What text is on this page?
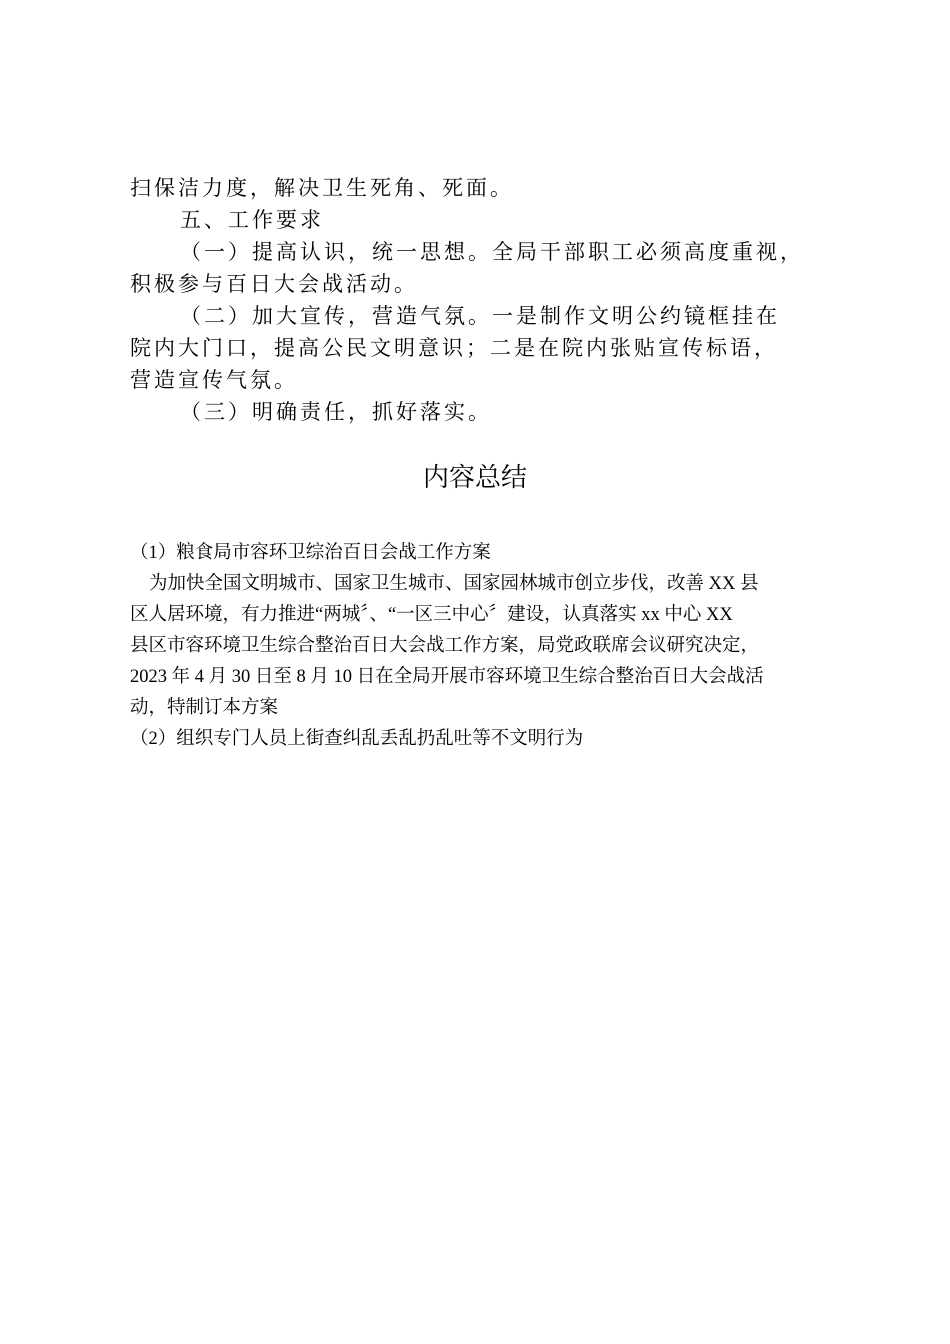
扫保洁力度，解决卫生死角、死面。

五、工作要求

（一）提高认识，统一思想。全局干部职工必须高度重视，

积极参与百日大会战活动。

（二）加大宣传，营造气氛。一是制作文明公约镜框挂在

院内大门口，提高公民文明意识；二是在院内张贴宣传标语，

营造宣传气氛。

（三）明确责任，抓好落实。

内容总结

（1）粮食局市容环卫综治百日会战工作方案

为加快全国文明城市、国家卫生城市、国家园林城市创立步伐，改善 XX 县

区人居环境，有力推进“两城〞、“一区三中心〞建设，认真落实 xx 中心 XX

县区市容环境卫生综合整治百日大会战工作方案，局党政联席会议研究决定，

2023 年 4 月 30 日至 8 月 10 日在全局开展市容环境卫生综合整治百日大会战活

动，特制订本方案

（2）组织专门人员上街查纠乱丢乱扔乱吐等不文明行为
